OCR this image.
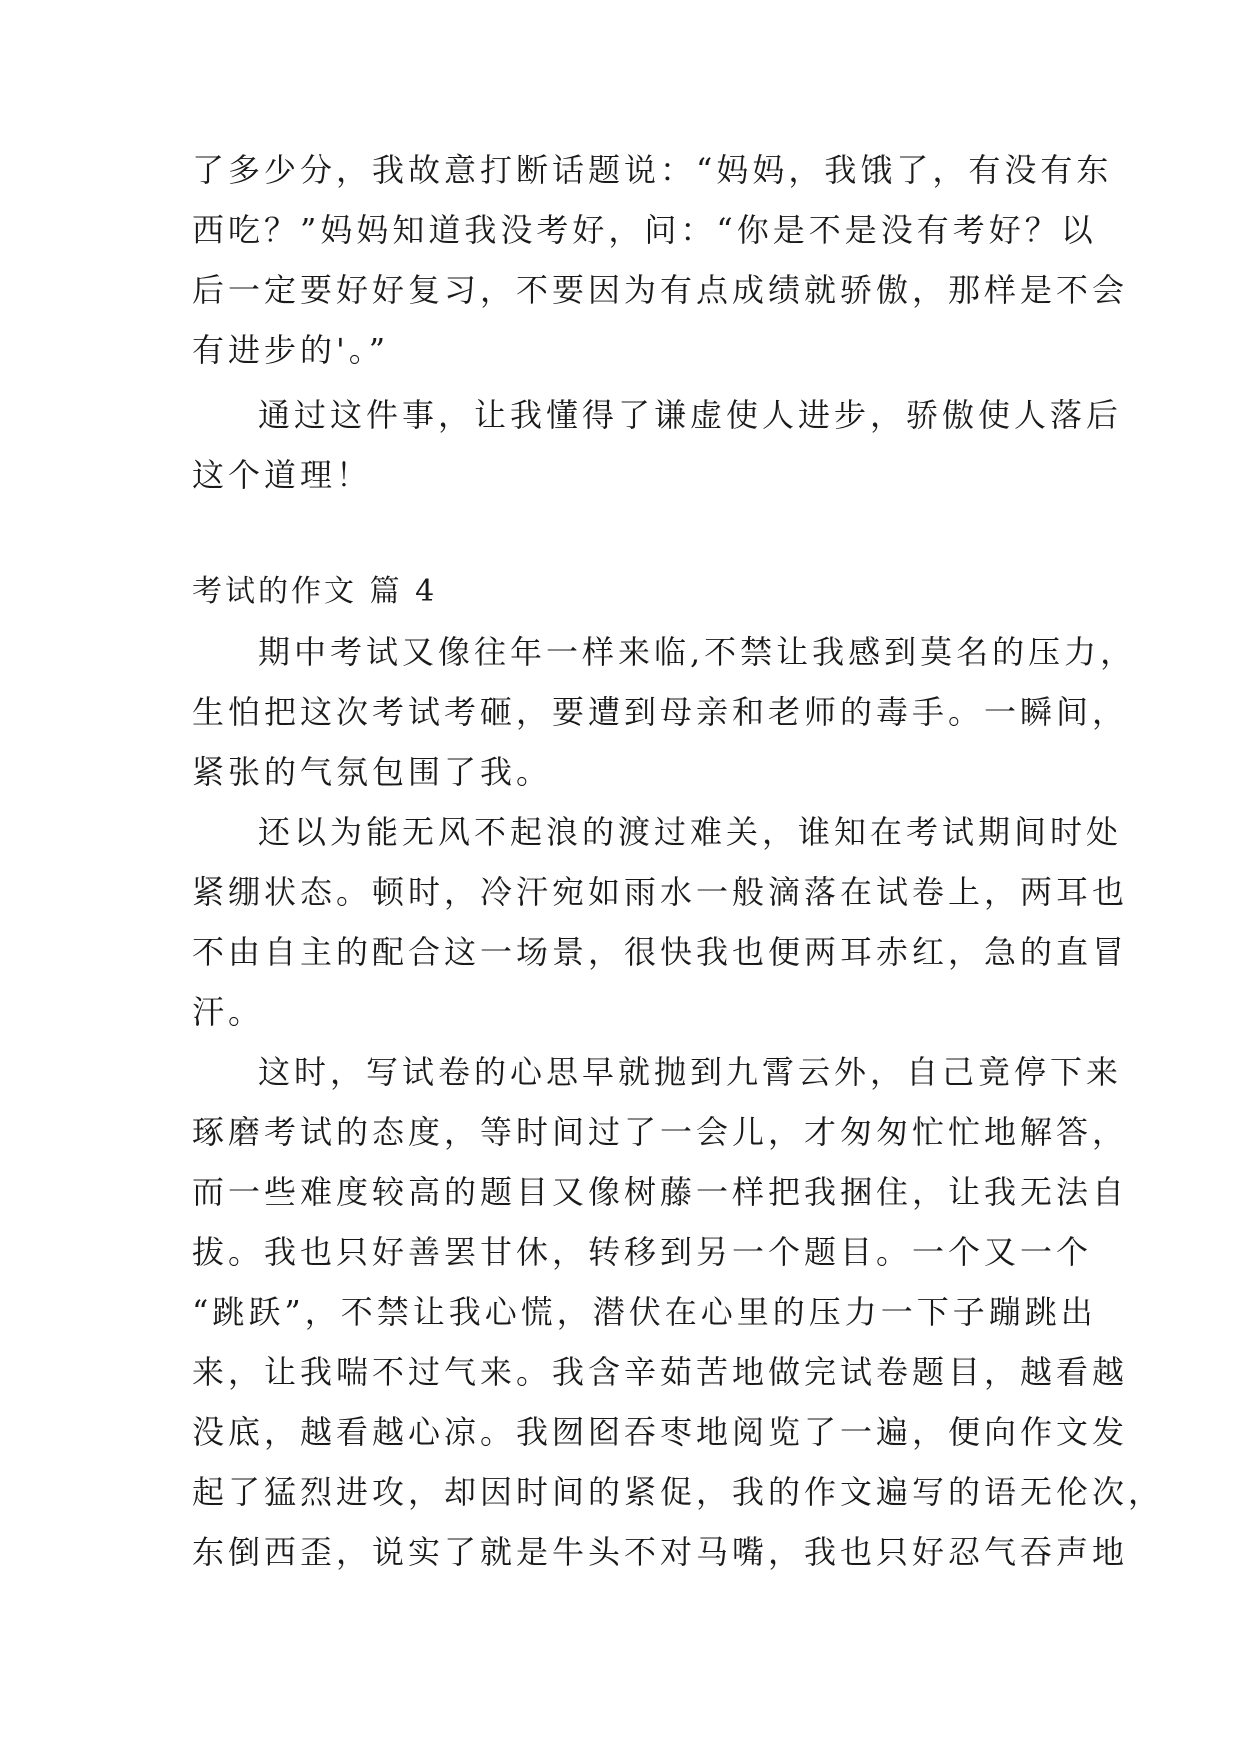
了多少分，我故意打断话题说：“妈妈，我饿了，有没有东
西吃？”妈妈知道我没考好，问：“你是不是没有考好？以
后一定要好好复习，不要因为有点成绩就骄傲，那样是不会
有进步的'。”
通过这件事，让我懂得了谦虚使人进步，骄傲使人落后
这个道理！
考试的作文 篇 4
期中考试又像往年一样来临,不禁让我感到莫名的压力，
生怕把这次考试考砸，要遭到母亲和老师的毒手。一瞬间，
紧张的气氛包围了我。
还以为能无风不起浪的渡过难关，谁知在考试期间时处
紧绷状态。顿时，冷汗宛如雨水一般滴落在试卷上，两耳也
不由自主的配合这一场景，很快我也便两耳赤红，急的直冒
汗。
这时，写试卷的心思早就抛到九霄云外，自己竟停下来
琢磨考试的态度，等时间过了一会儿，才匆匆忙忙地解答，
而一些难度较高的题目又像树藤一样把我捆住，让我无法自
拔。我也只好善罢甘休，转移到另一个题目。一个又一个
“跳跃”，不禁让我心慌，潜伏在心里的压力一下子蹦跳出
来，让我喘不过气来。我含辛茹苦地做完试卷题目，越看越
没底，越看越心凉。我囫囵吞枣地阅览了一遍，便向作文发
起了猛烈进攻，却因时间的紧促，我的作文遍写的语无伦次，
东倒西歪，说实了就是牛头不对马嘴，我也只好忍气吞声地
